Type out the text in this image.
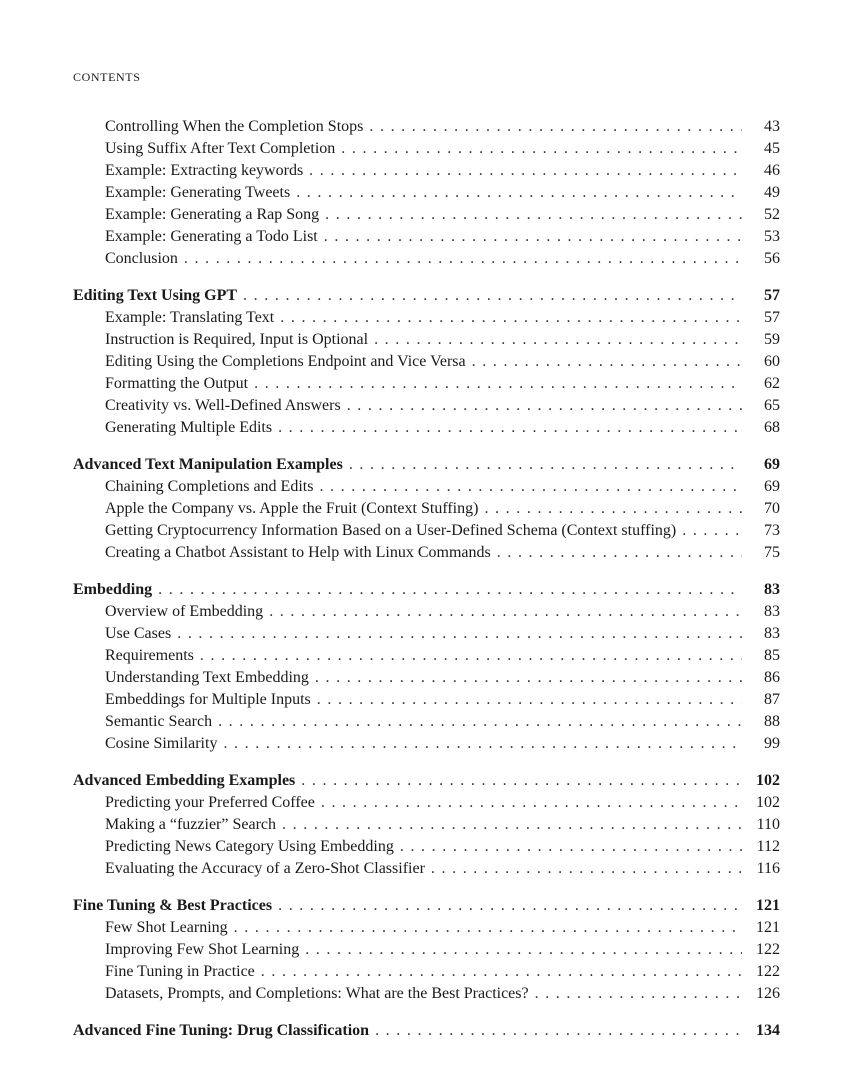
CONTENTS
Controlling When the Completion Stops . . .	43
Using Suffix After Text Completion . . .	45
Example: Extracting keywords . . .	46
Example: Generating Tweets . . .	49
Example: Generating a Rap Song . . .	52
Example: Generating a Todo List . . .	53
Conclusion . . .	56
Editing Text Using GPT . . .	57
Example: Translating Text . . .	57
Instruction is Required, Input is Optional . . .	59
Editing Using the Completions Endpoint and Vice Versa . . .	60
Formatting the Output . . .	62
Creativity vs. Well-Defined Answers . . .	65
Generating Multiple Edits . . .	68
Advanced Text Manipulation Examples . . .	69
Chaining Completions and Edits . . .	69
Apple the Company vs. Apple the Fruit (Context Stuffing) . . .	70
Getting Cryptocurrency Information Based on a User-Defined Schema (Context stuffing) . . .	73
Creating a Chatbot Assistant to Help with Linux Commands . . .	75
Embedding . . .	83
Overview of Embedding . . .	83
Use Cases . . .	83
Requirements . . .	85
Understanding Text Embedding . . .	86
Embeddings for Multiple Inputs . . .	87
Semantic Search . . .	88
Cosine Similarity . . .	99
Advanced Embedding Examples . . .	102
Predicting your Preferred Coffee . . .	102
Making a “fuzzier” Search . . .	110
Predicting News Category Using Embedding . . .	112
Evaluating the Accuracy of a Zero-Shot Classifier . . .	116
Fine Tuning & Best Practices . . .	121
Few Shot Learning . . .	121
Improving Few Shot Learning . . .	122
Fine Tuning in Practice . . .	122
Datasets, Prompts, and Completions: What are the Best Practices? . . .	126
Advanced Fine Tuning: Drug Classification . . .	134
